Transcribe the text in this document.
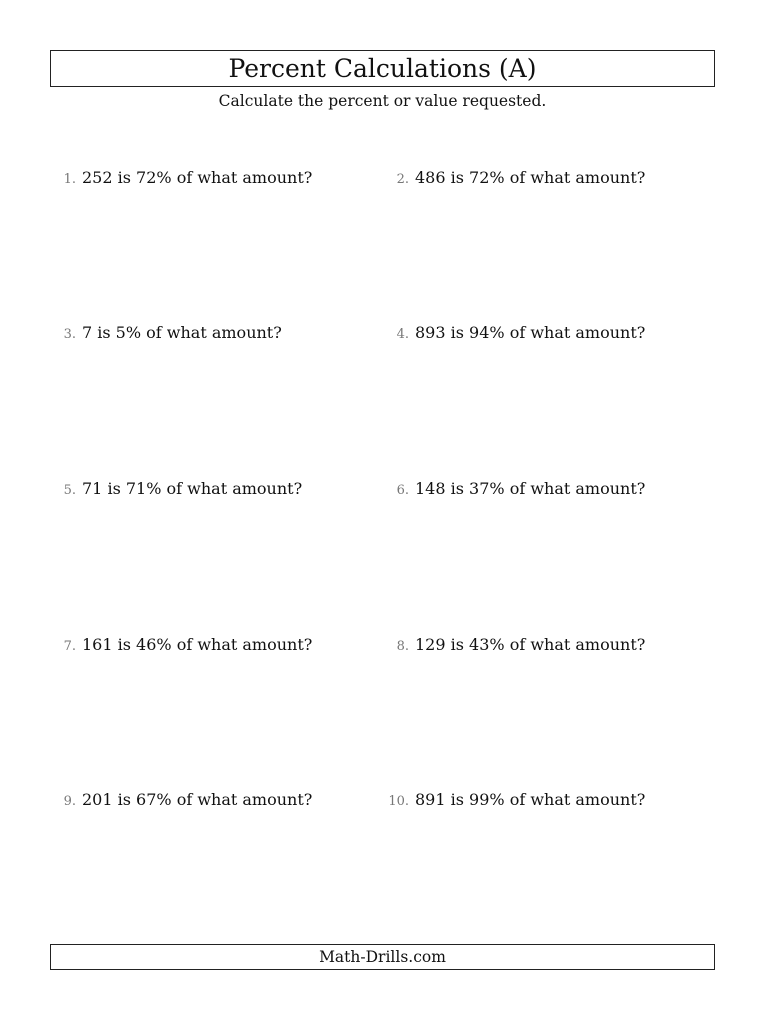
Percent Calculations (A)
Calculate the percent or value requested.
1. 252 is 72% of what amount?	2. 486 is 72% of what amount?
3. 7 is 5% of what amount?	4. 893 is 94% of what amount?
5. 71 is 71% of what amount?	6. 148 is 37% of what amount?
7. 161 is 46% of what amount?	8. 129 is 43% of what amount?
9. 201 is 67% of what amount?	10. 891 is 99% of what amount?
Math-Drills.com
